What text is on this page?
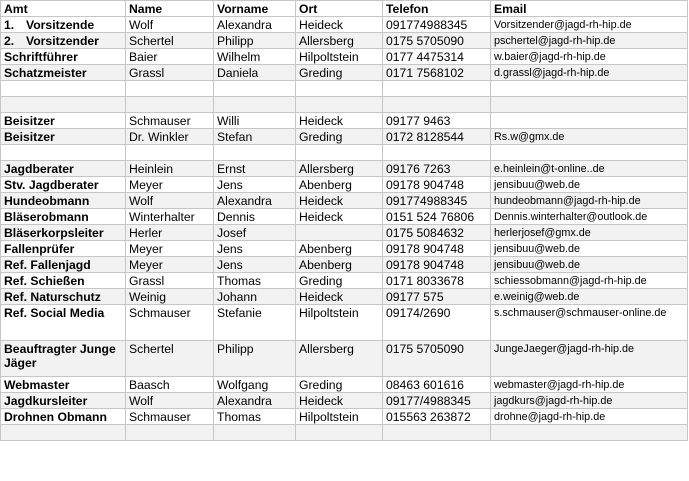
Amt	Name	Vorname	Ort	Telefon	Email
1. Vorsitzende	Wolf	Alexandra	Heideck	091774988345	Vorsitzender@jagd-rh-hip.de
2. Vorsitzender	Schertel	Philipp	Allersberg	0175 5705090	pschertel@jagd-rh-hip.de
Schriftführer	Baier	Wilhelm	Hilpoltstein	0177 4475314	w.baier@jagd-rh-hip.de
Schatzmeister	Grassl	Daniela	Greding	0171 7568102	d.grassl@jagd-rh-hip.de

Beisitzer	Schmauser	Willi	Heideck	09177 9463	
Beisitzer	Dr. Winkler	Stefan	Greding	0172 8128544	Rs.w@gmx.de

Jagdberater	Heinlein	Ernst	Allersberg	09176 7263	e.heinlein@t-online..de
Stv. Jagdberater	Meyer	Jens	Abenberg	09178 904748	jensibuu@web.de
Hundeobmann	Wolf	Alexandra	Heideck	091774988345	hundeobmann@jagd-rh-hip.de
Bläserobmann	Winterhalter	Dennis	Heideck	0151 524 76806	Dennis.winterhalter@outlook.de
Bläserkorpsleiter	Herler	Josef		0175 5084632	herlerjosef@gmx.de
Fallenprüfer	Meyer	Jens	Abenberg	09178 904748	jensibuu@web.de
Ref. Fallenjagd	Meyer	Jens	Abenberg	09178 904748	jensibuu@web.de
Ref. Schießen	Grassl	Thomas	Greding	0171 8033678	schiessobmann@jagd-rh-hip.de
Ref. Naturschutz	Weinig	Johann	Heideck	09177 575	e.weinig@web.de
Ref. Social Media	Schmauser	Stefanie	Hilpoltstein	09174/2690	s.schmauser@schmauser-online.de
Beauftragter Junge Jäger	Schertel	Philipp	Allersberg	0175 5705090	JungeJaeger@jagd-rh-hip.de
Webmaster	Baasch	Wolfgang	Greding	08463 601616	webmaster@jagd-rh-hip.de
Jagdkursleiter	Wolf	Alexandra	Heideck	09177/4988345	jagdkurs@jagd-rh-hip.de
Drohnen Obmann	Schmauser	Thomas	Hilpoltstein	015563 263872	drohne@jagd-rh-hip.de
